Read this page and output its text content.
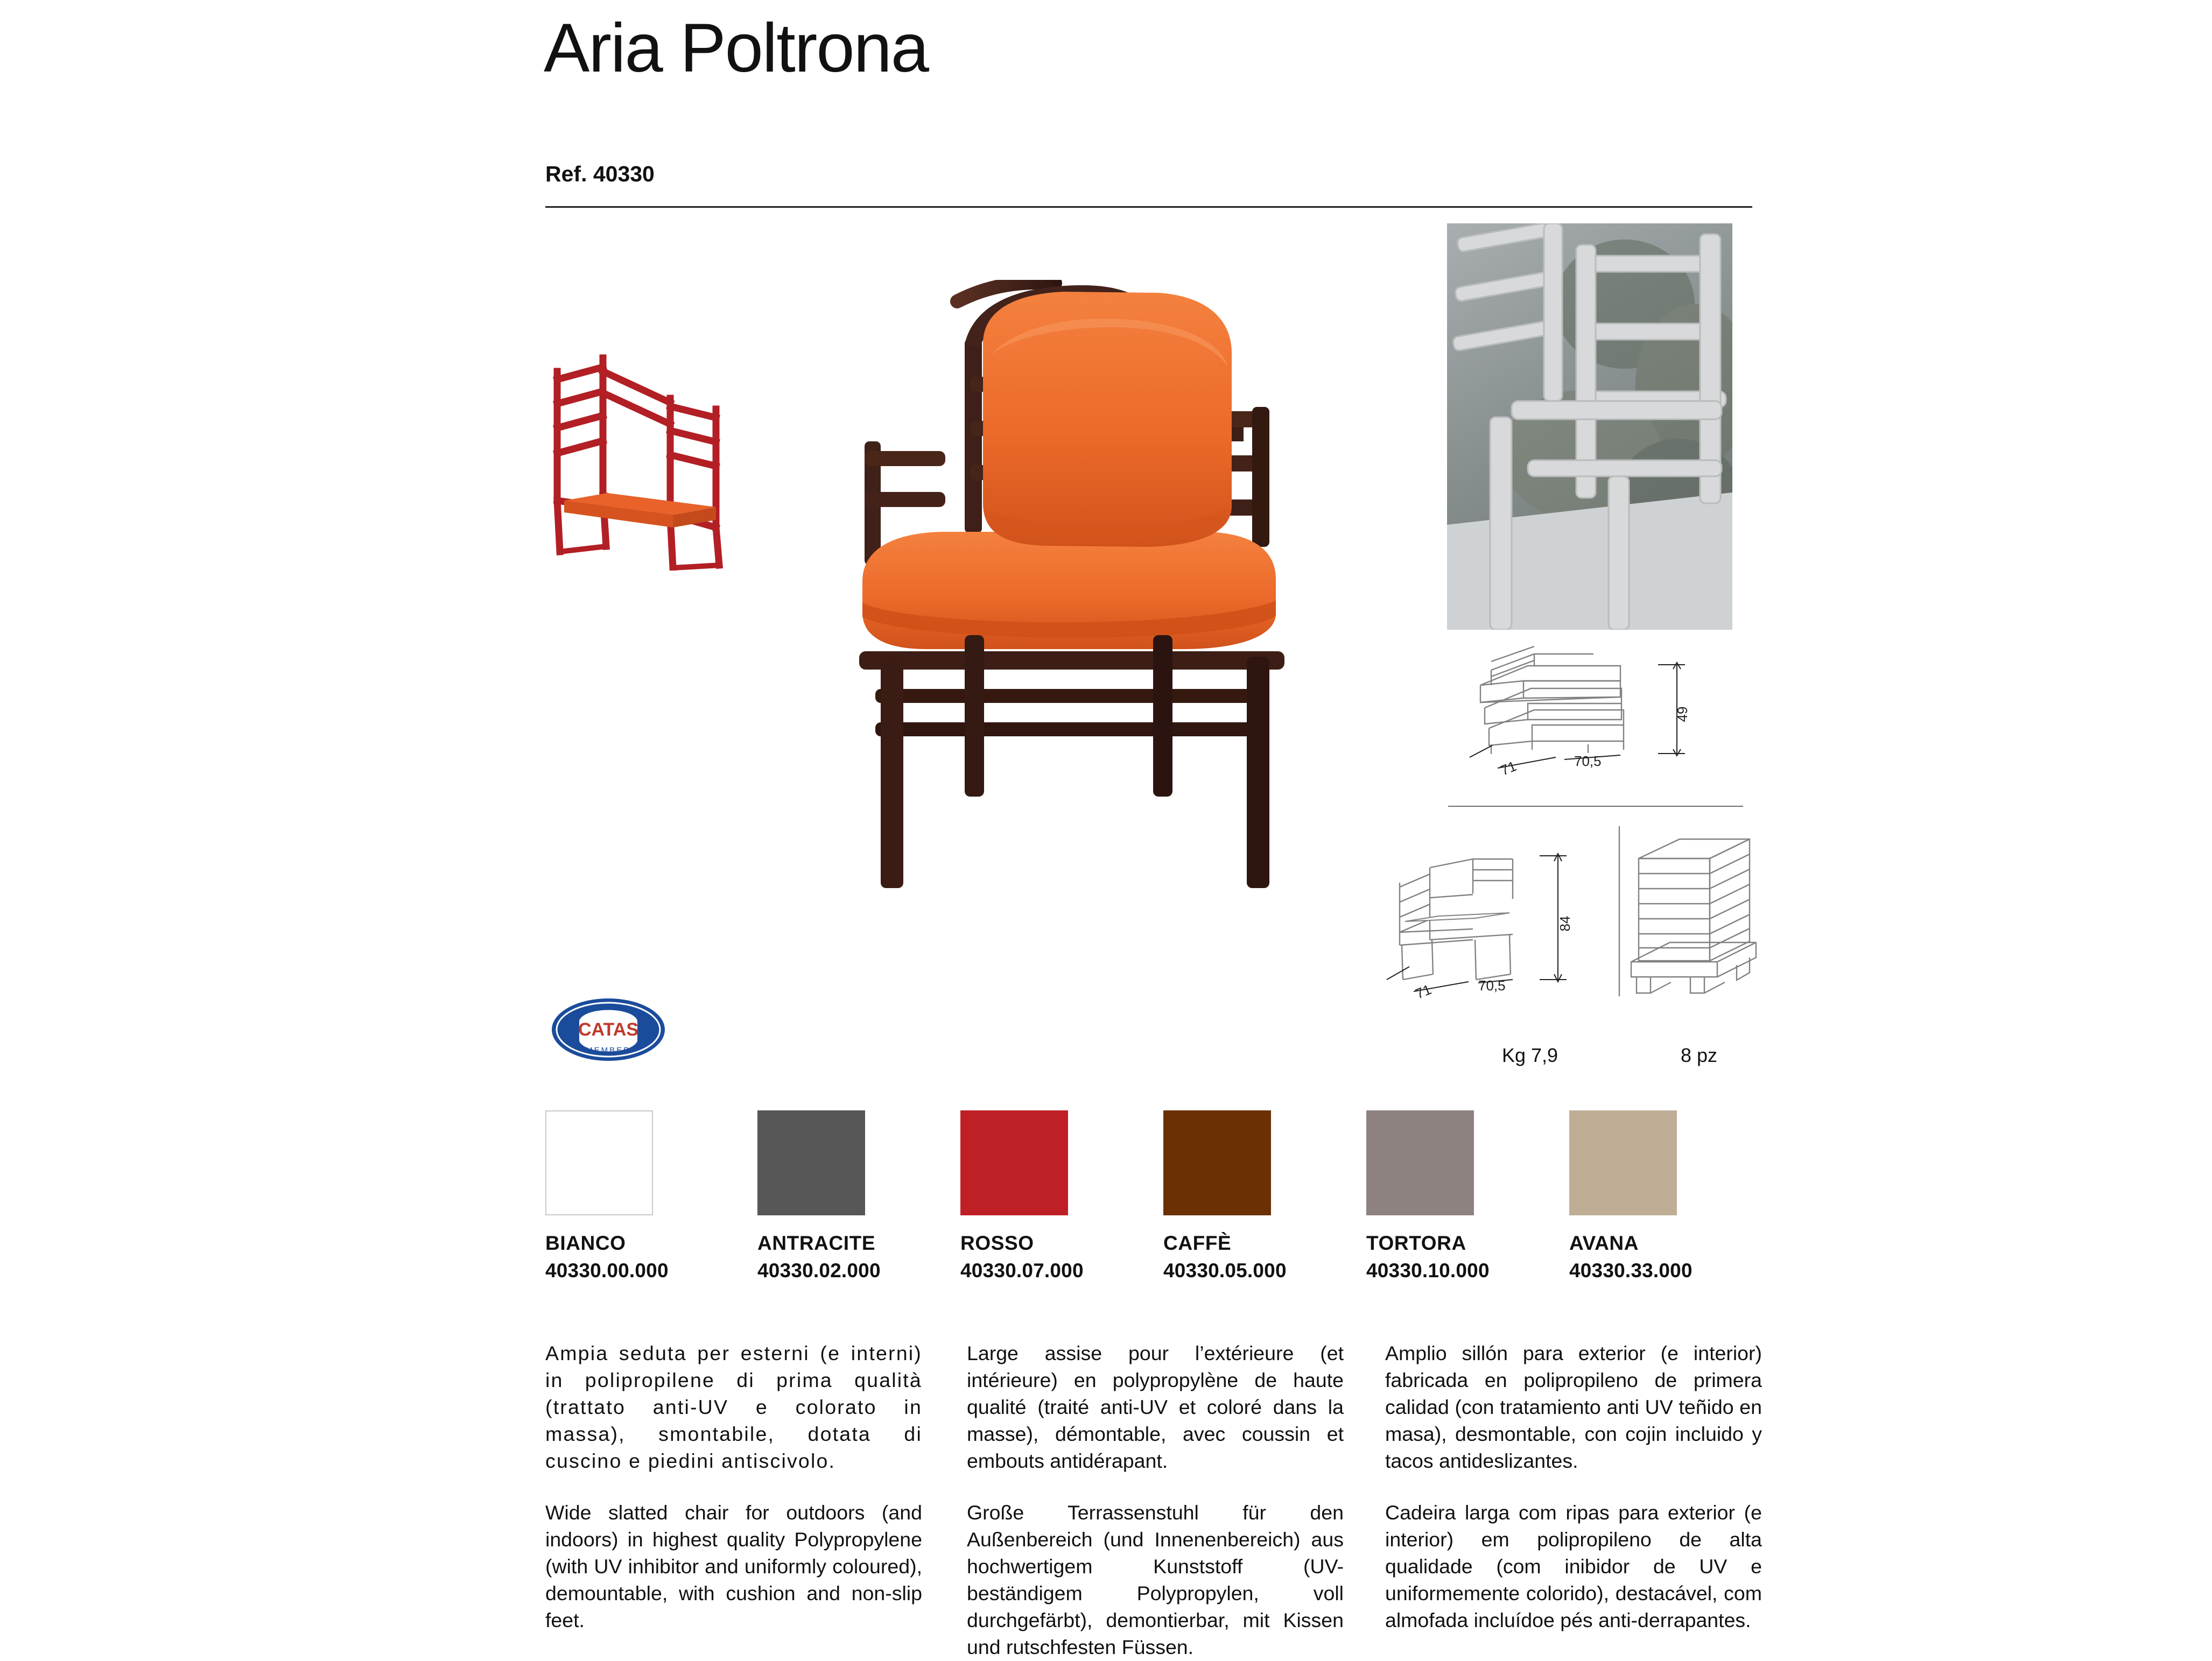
Aria Poltrona
Ref. 40330
49
71	70,5
84
71	70,5
Kg 7,9	8 pz
CATAS
MEMBER
BIANCO
40330.00.000
ANTRACITE
40330.02.000
ROSSO
40330.07.000
CAFFÈ
40330.05.000
TORTORA
40330.10.000
AVANA
40330.33.000

Ampia seduta per esterni (e interni) in polipropilene di prima qualità (trattato anti-UV e colorato in massa), smontabile, dotata di cuscino e piedini antiscivolo.

Wide slatted chair for outdoors (and indoors) in highest quality Polypropylene (with UV inhibitor and uniformly coloured), demountable, with cushion and non-slip feet.

Large assise pour l’extérieure (et intérieure) en polypropylène de haute qualité (traité anti-UV et coloré dans la masse), démontable, avec coussin et embouts antidérapant.

Große Terrassenstuhl für den Außenbereich (und Innenenbereich) aus hochwertigem Kunststoff (UV-beständigem Polypropylen, voll durchgefärbt), demontierbar, mit Kissen und rutschfesten Füssen.

Amplio sillón para exterior (e interior) fabricada en polipropileno de primera calidad (con tratamiento anti UV teñido en masa), desmontable, con cojin incluido y tacos antideslizantes.

Cadeira larga com ripas para exterior (e interior) em polipropileno de alta qualidade (com inibidor de UV e uniformemente colorido), destacável, com almofada incluídoe pés anti-derrapantes.
